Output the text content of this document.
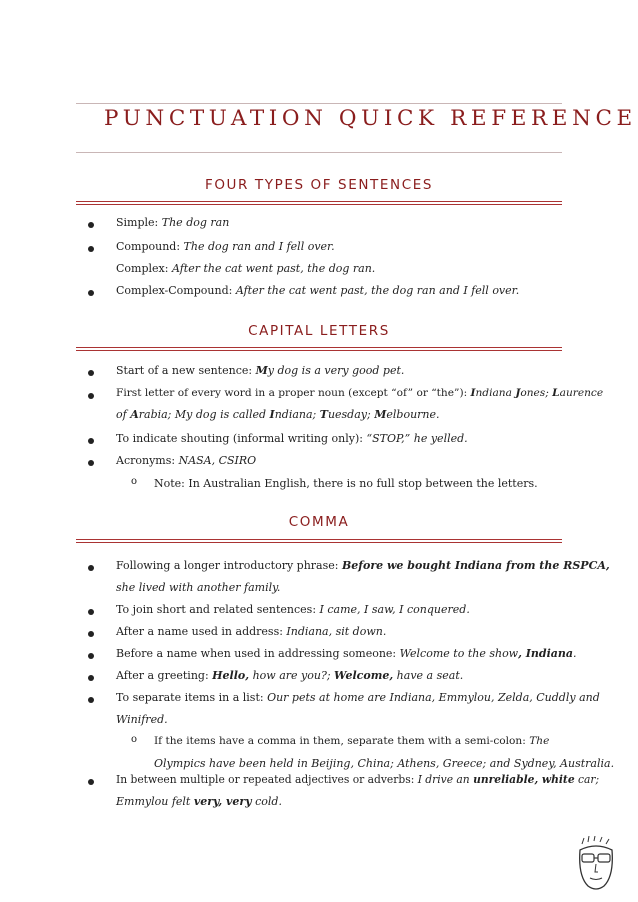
PUNCTUATION QUICK REFERENCE
FOUR TYPES OF SENTENCES
Simple: The dog ran
Compound: The dog ran and I fell over.
Complex: After the cat went past, the dog ran.
Complex-Compound: After the cat went past, the dog ran and I fell over.
CAPITAL LETTERS
Start of a new sentence: My dog is a very good pet.
First letter of every word in a proper noun (except “of” or “the”): Indiana Jones; Laurence
of Arabia; My dog is called Indiana; Tuesday; Melbourne.
To indicate shouting (informal writing only): “STOP,” he yelled.
Acronyms: NASA, CSIRO
o Note: In Australian English, there is no full stop between the letters.
COMMA
Following a longer introductory phrase: Before we bought Indiana from the RSPCA,
she lived with another family.
To join short and related sentences: I came, I saw, I conquered.
After a name used in address: Indiana, sit down.
Before a name when used in addressing someone: Welcome to the show, Indiana.
After a greeting: Hello, how are you?; Welcome, have a seat.
To separate items in a list: Our pets at home are Indiana, Emmylou, Zelda, Cuddly and
Winifred.
o If the items have a comma in them, separate them with a semi-colon: The
Olympics have been held in Beijing, China; Athens, Greece; and Sydney, Australia.
In between multiple or repeated adjectives or adverbs: I drive an unreliable, white car;
Emmylou felt very, very cold.
